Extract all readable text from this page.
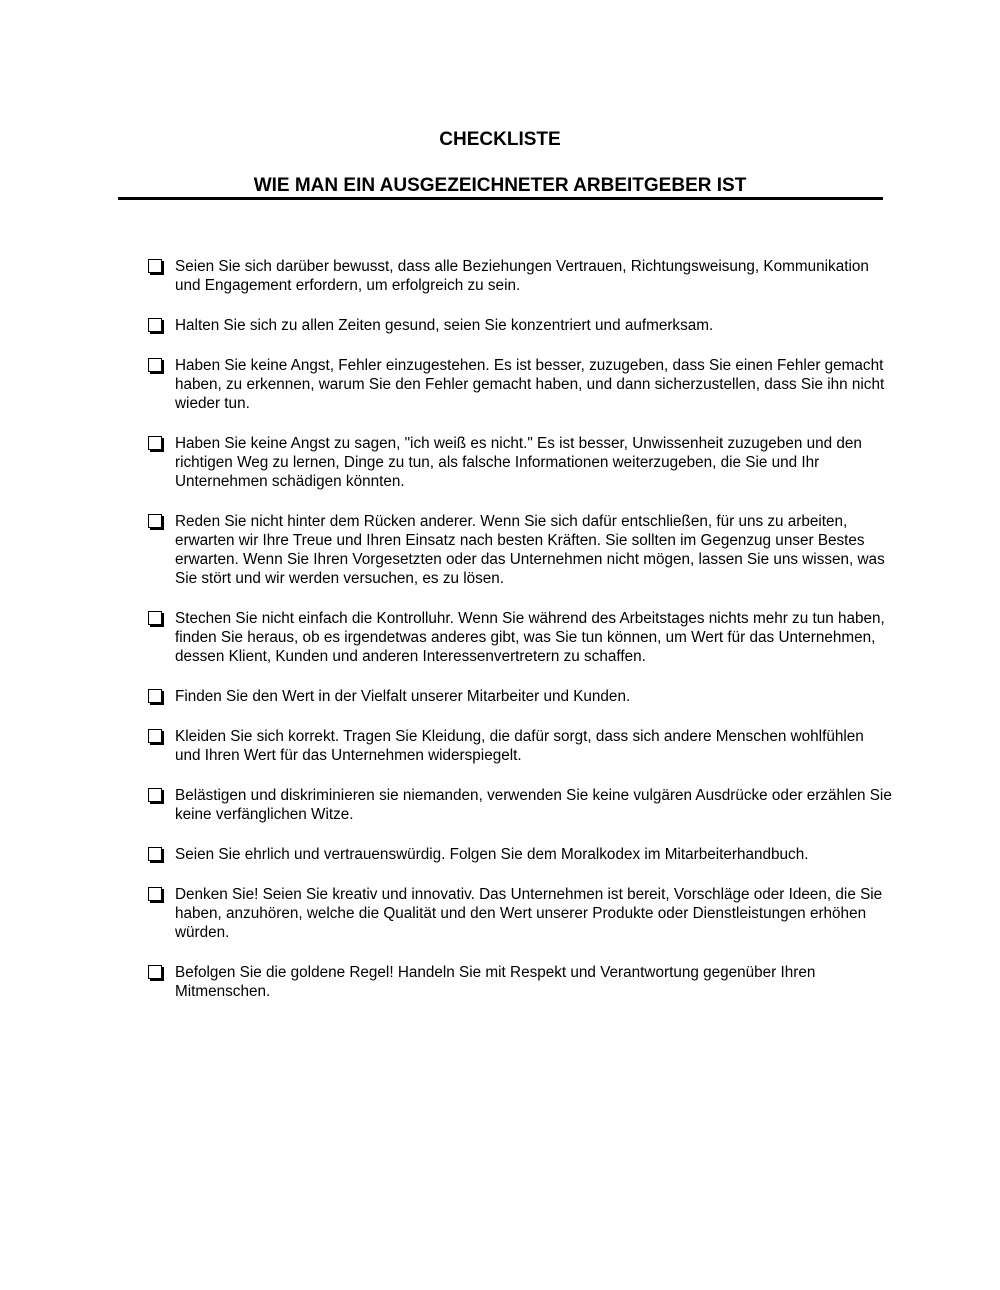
CHECKLISTE
WIE MAN EIN AUSGEZEICHNETER ARBEITGEBER IST
Seien Sie sich darüber bewusst, dass alle Beziehungen Vertrauen, Richtungsweisung, Kommunikation und Engagement erfordern, um erfolgreich zu sein.
Halten Sie sich zu allen Zeiten gesund, seien Sie konzentriert und aufmerksam.
Haben Sie keine Angst, Fehler einzugestehen. Es ist besser, zuzugeben, dass Sie einen Fehler gemacht haben, zu erkennen, warum Sie den Fehler gemacht haben, und dann sicherzustellen, dass Sie ihn nicht wieder tun.
Haben Sie keine Angst zu sagen, "ich weiß es nicht." Es ist besser, Unwissenheit zuzugeben und den richtigen Weg zu lernen, Dinge zu tun, als falsche Informationen weiterzugeben, die Sie und Ihr Unternehmen schädigen könnten.
Reden Sie nicht hinter dem Rücken anderer. Wenn Sie sich dafür entschließen, für uns zu arbeiten, erwarten wir Ihre Treue und Ihren Einsatz nach besten Kräften. Sie sollten im Gegenzug unser Bestes erwarten. Wenn Sie Ihren Vorgesetzten oder das Unternehmen nicht mögen, lassen Sie uns wissen, was Sie stört und wir werden versuchen, es zu lösen.
Stechen Sie nicht einfach die Kontrolluhr. Wenn Sie während des Arbeitstages nichts mehr zu tun haben, finden Sie heraus, ob es irgendetwas anderes gibt, was Sie tun können, um Wert für das Unternehmen, dessen Klient, Kunden und anderen Interessenvertretern zu schaffen.
Finden Sie den Wert in der Vielfalt unserer Mitarbeiter und Kunden.
Kleiden Sie sich korrekt. Tragen Sie Kleidung, die dafür sorgt, dass sich andere Menschen wohlfühlen und Ihren Wert für das Unternehmen widerspiegelt.
Belästigen und diskriminieren sie niemanden, verwenden Sie keine vulgären Ausdrücke oder erzählen Sie keine verfänglichen Witze.
Seien Sie ehrlich und vertrauenswürdig. Folgen Sie dem Moralkodex im Mitarbeiterhandbuch.
Denken Sie! Seien Sie kreativ und innovativ. Das Unternehmen ist bereit, Vorschläge oder Ideen, die Sie haben, anzuhören, welche die Qualität und den Wert unserer Produkte oder Dienstleistungen erhöhen würden.
Befolgen Sie die goldene Regel! Handeln Sie mit Respekt und Verantwortung gegenüber Ihren Mitmenschen.
